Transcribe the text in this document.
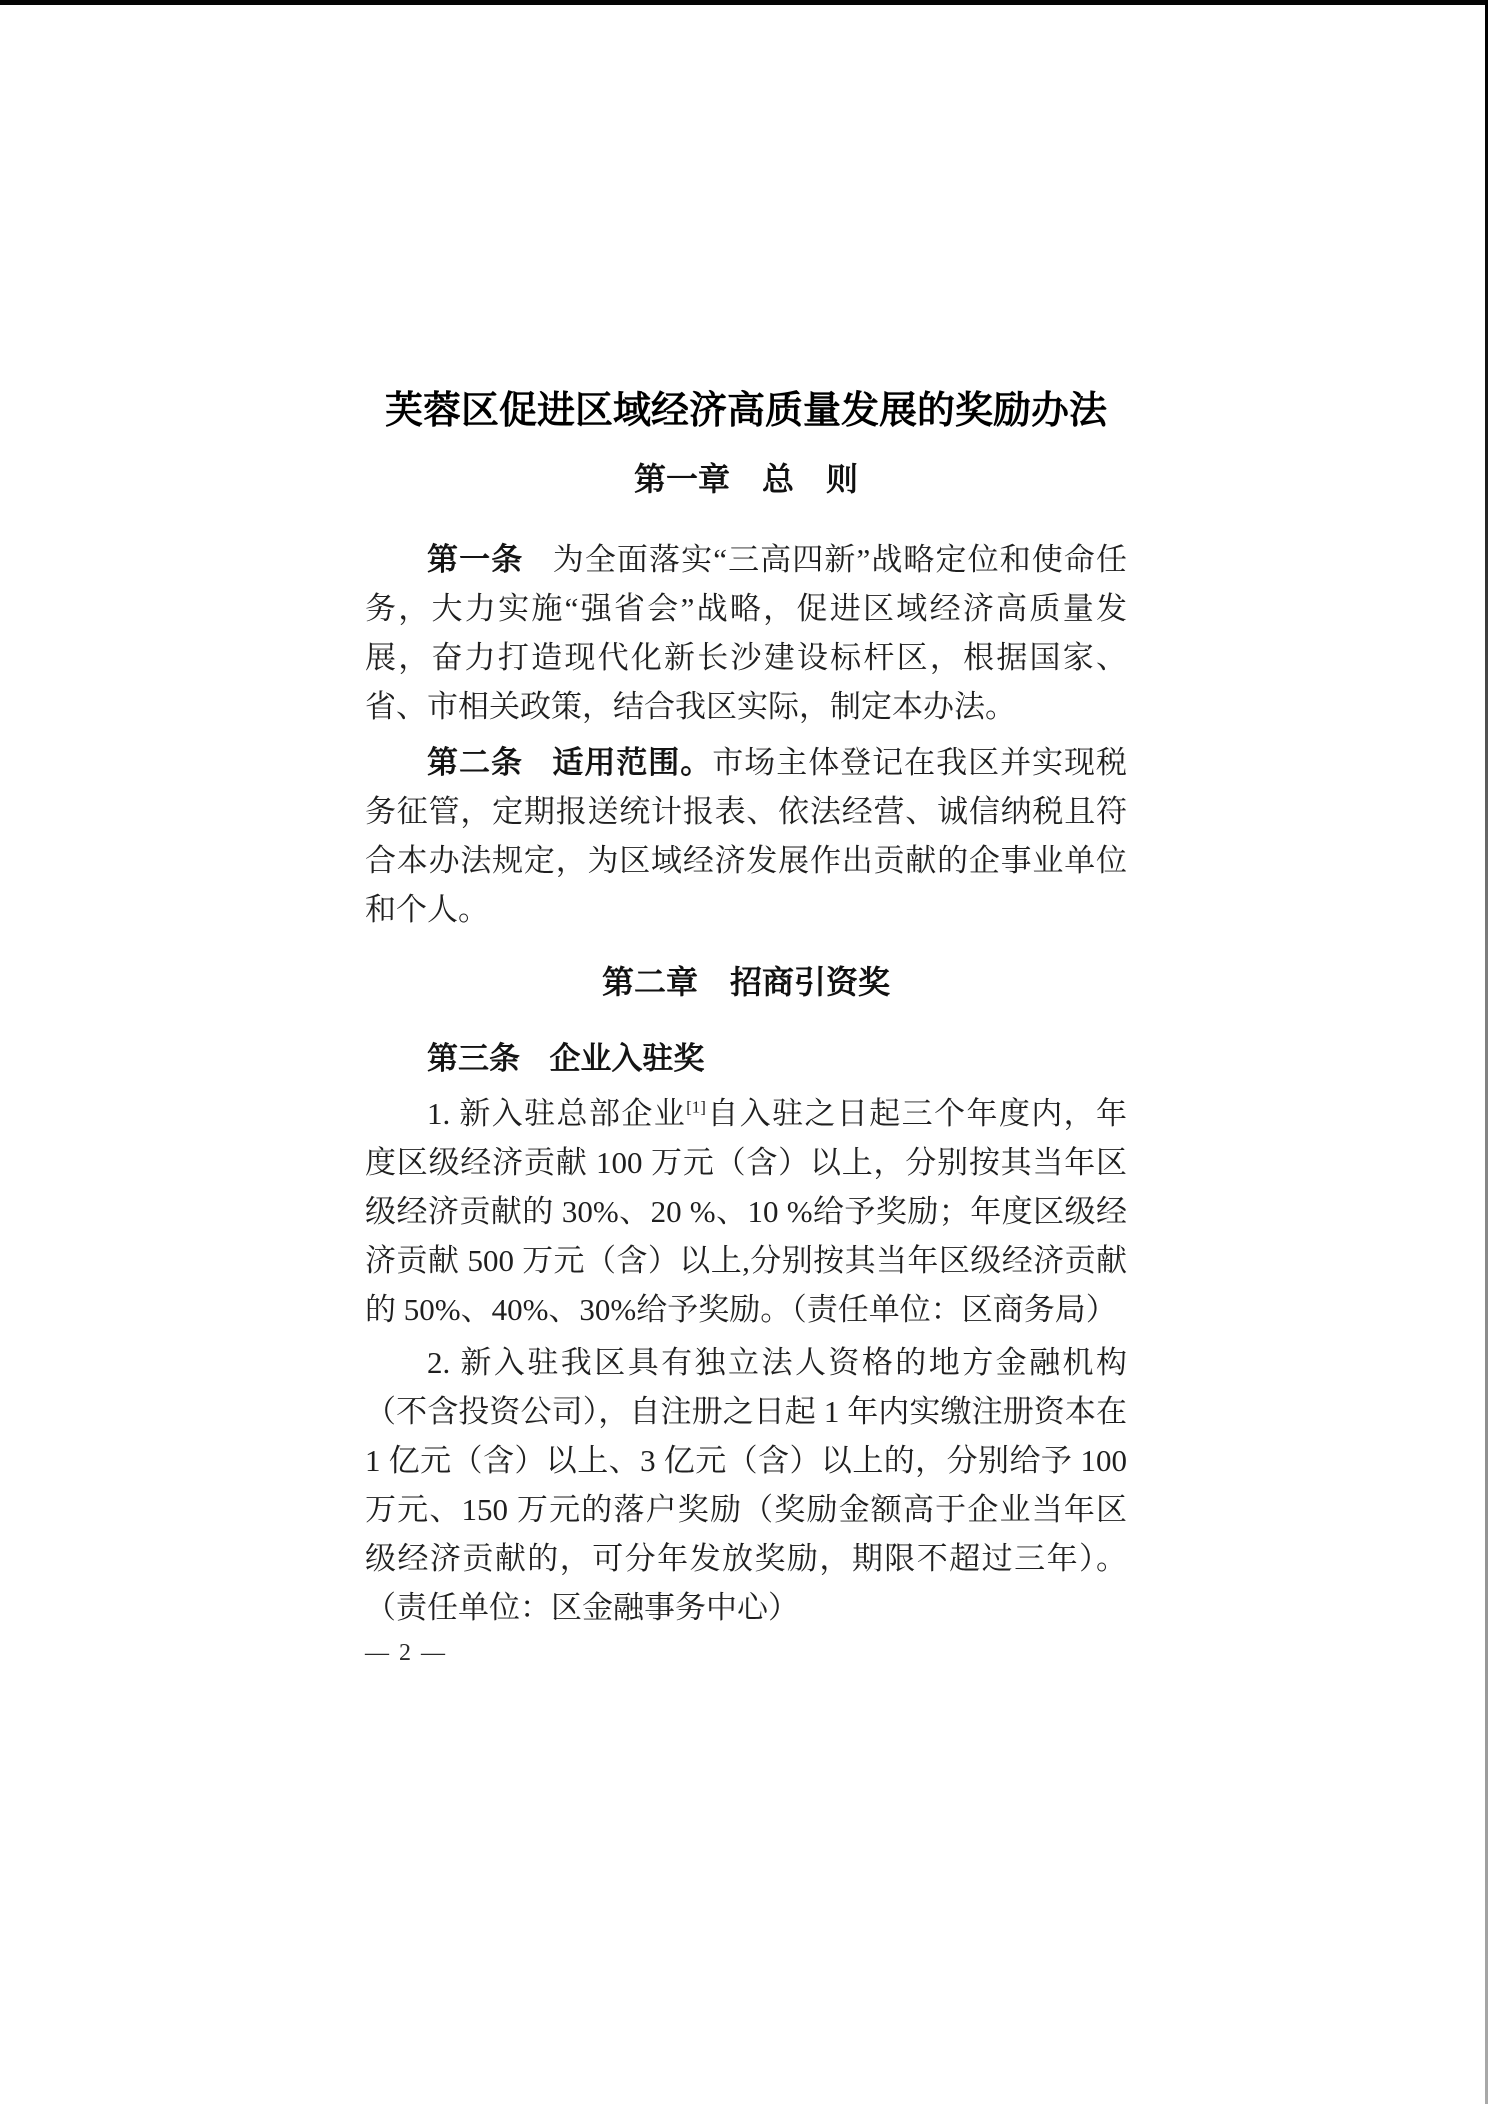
芙蓉区促进区域经济高质量发展的奖励办法
第一章　总　则

第一条 为全面落实“三高四新”战略定位和使命任务，大力实施“强省会”战略，促进区域经济高质量发展，奋力打造现代化新长沙建设标杆区，根据国家、省、市相关政策，结合我区实际，制定本办法。

第二条 适用范围。市场主体登记在我区并实现税务征管，定期报送统计报表、依法经营、诚信纳税且符合本办法规定，为区域经济发展作出贡献的企事业单位和个人。

第二章　招商引资奖

第三条 企业入驻奖

1. 新入驻总部企业[1]自入驻之日起三个年度内，年度区级经济贡献 100 万元（含）以上，分别按其当年区级经济贡献的 30%、20 %、10 %给予奖励；年度区级经济贡献 500 万元（含）以上,分别按其当年区级经济贡献的 50%、40%、30%给予奖励。（责任单位：区商务局）

2. 新入驻我区具有独立法人资格的地方金融机构（不含投资公司），自注册之日起 1 年内实缴注册资本在 1 亿元（含）以上、3 亿元（含）以上的，分别给予 100 万元、150 万元的落户奖励（奖励金额高于企业当年区级经济贡献的，可分年发放奖励，期限不超过三年）。（责任单位：区金融事务中心）

— 2 —
